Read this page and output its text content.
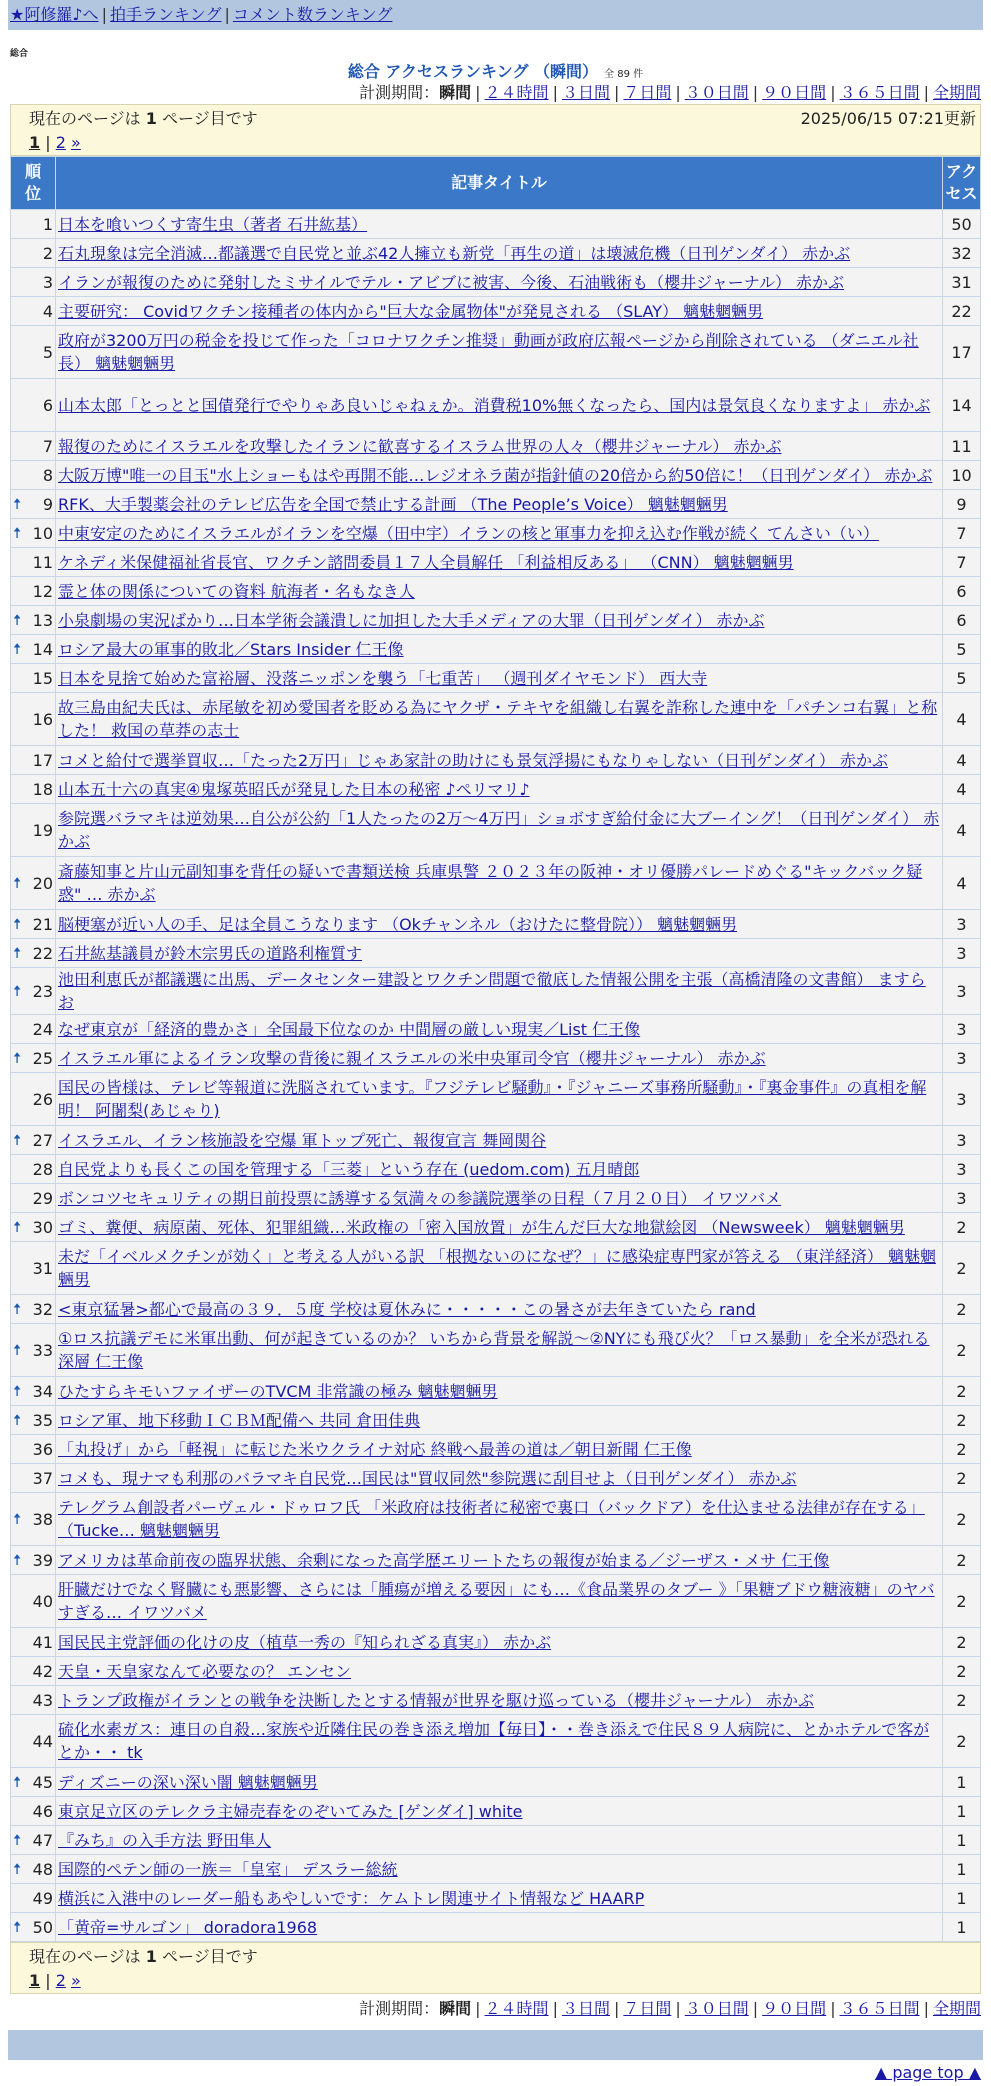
★阿修羅♪へ | 拍手ランキング | コメント数ランキング
総合
総合 アクセスランキング （瞬間） 全 89 件
計測期間：瞬間 | ２４時間 | ３日間 | ７日間 | ３０日間 | ９０日間 | ３６５日間 | 全期間
現在のページは 1 ページ目です	2025/06/15 07:21更新
1 | 2 »
順
位	記事タイトル	アク
セス
1	日本を喰いつくす寄生虫（著者 石井紘基）	50
2	石丸現象は完全消滅…都議選で自民党と並ぶ42人擁立も新党「再生の道」は壊滅危機（日刊ゲンダイ） 赤かぶ	32
3	イランが報復のために発射したミサイルでテル・アビブに被害、今後、石油戦術も（櫻井ジャーナル） 赤かぶ	31
4	主要研究： Covidワクチン接種者の体内から"巨大な金属物体"が発見される （SLAY） 魑魅魍魎男	22
5	政府が3200万円の税金を投じて作った「コロナワクチン推奨」動画が政府広報ページから削除されている （ダニエル社長） 魑魅魍魎男	17
6	山本太郎「とっとと国債発行でやりゃあ良いじゃねぇか。消費税10%無くなったら、国内は景気良くなりますよ」 赤かぶ	14
7	報復のためにイスラエルを攻撃したイランに歓喜するイスラム世界の人々（櫻井ジャーナル） 赤かぶ	11
8	大阪万博"唯一の目玉"水上ショーもはや再開不能…レジオネラ菌が指針値の20倍から約50倍に！（日刊ゲンダイ） 赤かぶ	10

🠅 9	RFK、大手製薬会社のテレビ広告を全国で禁止する計画 （The People’s Voice） 魑魅魍魎男	9

🠅 10	中東安定のためにイスラエルがイランを空爆（田中宇）イランの核と軍事力を抑え込む作戦が続く てんさい（い）	7
11	ケネディ米保健福祉省長官、ワクチン諮問委員１７人全員解任 「利益相反ある」 （CNN） 魑魅魍魎男	7
12	霊と体の関係についての資料 航海者・名もなき人	6

🠅 13	小泉劇場の実況ばかり…日本学術会議潰しに加担した大手メディアの大罪（日刊ゲンダイ） 赤かぶ	6

🠅 14	ロシア最大の軍事的敗北／Stars Insider 仁王像	5
15	日本を見捨て始めた富裕層、没落ニッポンを襲う「七重苦」 （週刊ダイヤモンド） 西大寺	5
16	故三島由紀夫氏は、赤尾敏を初め愛国者を貶める為にヤクザ・テキヤを組織し右翼を詐称した連中を「パチンコ右翼」と称した！ 救国の草莽の志士	4
17	コメと給付で選挙買収…「たった2万円」じゃあ家計の助けにも景気浮揚にもなりゃしない（日刊ゲンダイ） 赤かぶ	4
18	山本五十六の真実④鬼塚英昭氏が発見した日本の秘密 ♪ペリマリ♪	4
19	参院選バラマキは逆効果…自公が公約「1人たったの2万～4万円」ショボすぎ給付金に大ブーイング！（日刊ゲンダイ） 赤かぶ	4

🠅 20	斎藤知事と片山元副知事を背任の疑いで書類送検 兵庫県警 ２０２３年の阪神・オリ優勝パレードめぐる"キックバック疑惑" … 赤かぶ	4

🠅 21	脳梗塞が近い人の手、足は全員こうなります （Okチャンネル（おけたに整骨院）） 魑魅魍魎男	3

🠅 22	石井紘基議員が鈴木宗男氏の道路利権質す	3

🠅 23	池田利恵氏が都議選に出馬、データセンター建設とワクチン問題で徹底した情報公開を主張（高橋清隆の文書館） ますらお	3
24	なぜ東京が「経済的豊かさ」全国最下位なのか 中間層の厳しい現実／List 仁王像	3

🠅 25	イスラエル軍によるイラン攻撃の背後に親イスラエルの米中央軍司令官（櫻井ジャーナル） 赤かぶ	3
26	国民の皆様は、テレビ等報道に洗脳されています。『フジテレビ騒動』・『ジャニーズ事務所騒動』・『裏金事件』の真相を解明！ 阿闍梨(あじゃり)	3

🠅 27	イスラエル、イラン核施設を空爆 軍トップ死亡、報復宣言 舞岡関谷	3
28	自民党よりも長くこの国を管理する「三菱」という存在 (uedom.com) 五月晴郎	3
29	ボンコツセキュリティの期日前投票に誘導する気満々の参議院選挙の日程（７月２０日） イワツバメ	3

🠅 30	ゴミ、糞便、病原菌、死体、犯罪組織…米政権の「密入国放置」が生んだ巨大な地獄絵図 （Newsweek） 魑魅魍魎男	2
31	未だ「イベルメクチンが効く」と考える人がいる訳 「根拠ないのになぜ？」に感染症専門家が答える （東洋経済） 魑魅魍魎男	2

🠅 32	<東京猛暑>都心で最高の３９．５度 学校は夏休みに・・・・・この暑さが去年きていたら rand	2

🠅 33	①ロス抗議デモに米軍出動、何が起きているのか？ いちから背景を解説～②NYにも飛び火？「ロス暴動」を全米が恐れる深層 仁王像	2

🠅 34	ひたすらキモいファイザーのTVCM 非常識の極み 魑魅魍魎男	2

🠅 35	ロシア軍、地下移動ＩＣＢＭ配備へ 共同 倉田佳典	2
36	「丸投げ」から「軽視」に転じた米ウクライナ対応 終戦へ最善の道は／朝日新聞 仁王像	2
37	コメも、現ナマも利那のバラマキ自民党…国民は"買収同然"参院選に刮目せよ（日刊ゲンダイ） 赤かぶ	2

🠅 38	テレグラム創設者パーヴェル・ドゥロフ氏 「米政府は技術者に秘密で裏口（バックドア）を仕込ませる法律が存在する」（Tucke… 魑魅魍魎男	2

🠅 39	アメリカは革命前夜の臨界状態、余剰になった高学歴エリートたちの報復が始まる／ジーザス・メサ 仁王像	2
40	肝臓だけでなく腎臓にも悪影響、さらには「腫瘍が増える要因」にも…《食品業界のタブー 》「果糖ブドウ糖液糖」のヤバすぎる… イワツバメ	2
41	国民民主党評価の化けの皮（植草一秀の『知られざる真実』） 赤かぶ	2
42	天皇・天皇家なんて必要なの？ エンセン	2
43	トランプ政権がイランとの戦争を決断したとする情報が世界を駆け巡っている（櫻井ジャーナル） 赤かぶ	2
44	硫化水素ガス：連日の自殺…家族や近隣住民の巻き添え増加【毎日】・・巻き添えで住民８９人病院に、とかホテルで客がとか・・ tk	2

🠅 45	ディズニーの深い深い闇 魑魅魍魎男	1
46	東京足立区のテレクラ主婦売春をのぞいてみた [ゲンダイ] white	1

🠅 47	『みち』の入手方法 野田隼人	1

🠅 48	国際的ペテン師の一族＝「皇室」 デスラー総統	1
49	横浜に入港中のレーダー船もあやしいです：ケムトレ関連サイト情報など HAARP	1

🠅 50	「黄帝=サルゴン」 doradora1968	1
現在のページは 1 ページ目です
1 | 2 »
計測期間：瞬間 | ２４時間 | ３日間 | ７日間 | ３０日間 | ９０日間 | ３６５日間 | 全期間
▲ page top ▲
